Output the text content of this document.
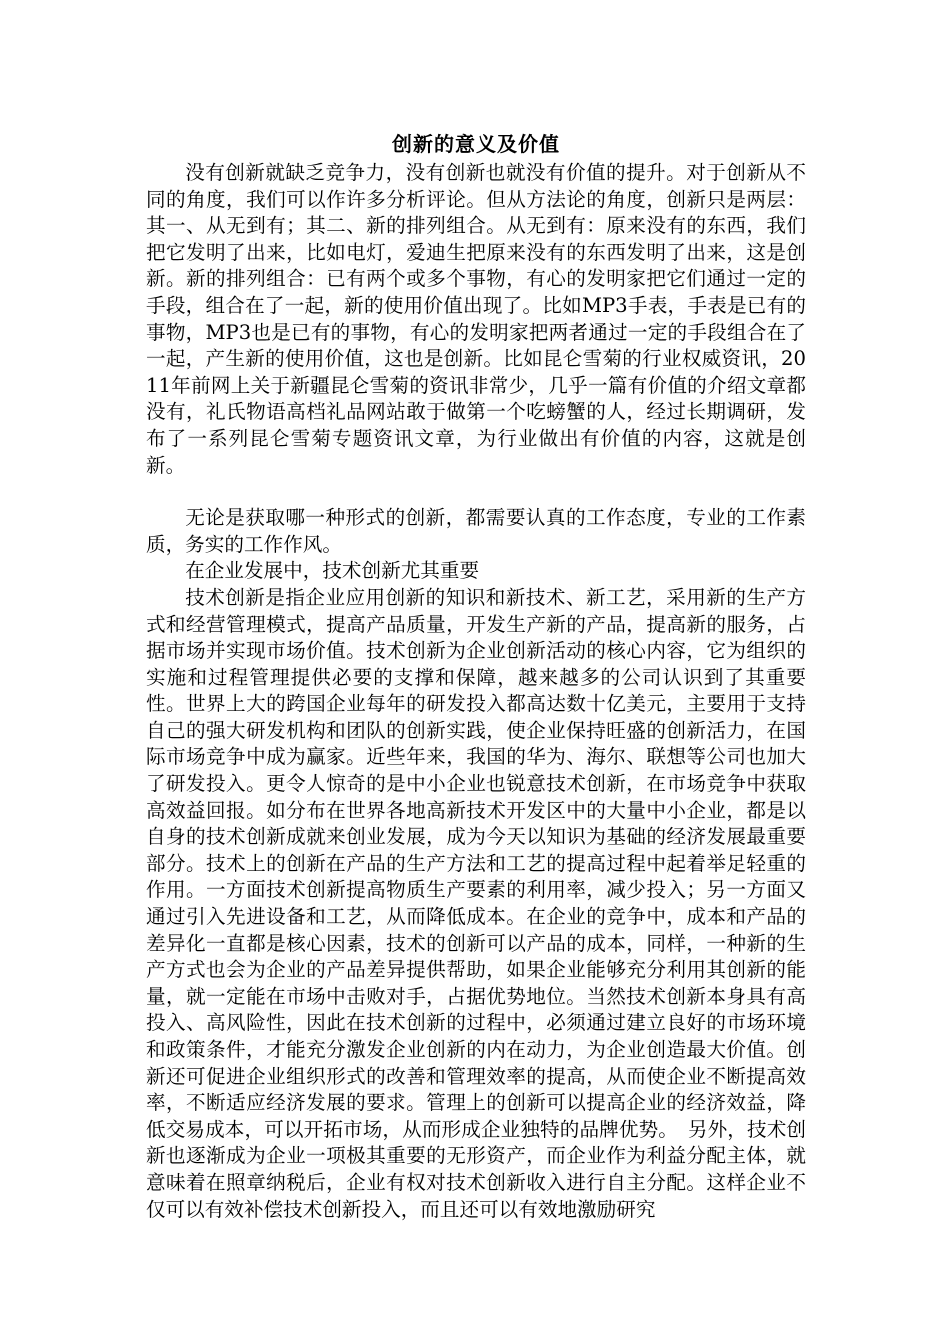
创新的意义及价值

没有创新就缺乏竞争力，没有创新也就没有价值的提升。对于创新从不同的角度，我们可以作许多分析评论。但从方法论的角度，创新只是两层：其一、从无到有；其二、新的排列组合。从无到有：原来没有的东西，我们把它发明了出来，比如电灯，爱迪生把原来没有的东西发明了出来，这是创新。新的排列组合：已有两个或多个事物，有心的发明家把它们通过一定的手段，组合在了一起，新的使用价值出现了。比如MP3手表，手表是已有的事物，MP3也是已有的事物，有心的发明家把两者通过一定的手段组合在了一起，产生新的使用价值，这也是创新。比如昆仑雪菊的行业权威资讯，2011年前网上关于新疆昆仑雪菊的资讯非常少，几乎一篇有价值的介绍文章都没有，礼氏物语高档礼品网站敢于做第一个吃螃蟹的人，经过长期调研，发布了一系列昆仑雪菊专题资讯文章，为行业做出有价值的内容，这就是创新。

无论是获取哪一种形式的创新，都需要认真的工作态度，专业的工作素质，务实的工作作风。

在企业发展中，技术创新尤其重要

技术创新是指企业应用创新的知识和新技术、新工艺，采用新的生产方式和经营管理模式，提高产品质量，开发生产新的产品，提高新的服务，占据市场并实现市场价值。技术创新为企业创新活动的核心内容，它为组织的实施和过程管理提供必要的支撑和保障，越来越多的公司认识到了其重要性。世界上大的跨国企业每年的研发投入都高达数十亿美元，主要用于支持自己的强大研发机构和团队的创新实践，使企业保持旺盛的创新活力，在国际市场竞争中成为赢家。近些年来，我国的华为、海尔、联想等公司也加大了研发投入。更令人惊奇的是中小企业也锐意技术创新，在市场竞争中获取高效益回报。如分布在世界各地高新技术开发区中的大量中小企业，都是以自身的技术创新成就来创业发展，成为今天以知识为基础的经济发展最重要部分。技术上的创新在产品的生产方法和工艺的提高过程中起着举足轻重的作用。一方面技术创新提高物质生产要素的利用率，减少投入；另一方面又通过引入先进设备和工艺，从而降低成本。在企业的竞争中，成本和产品的差异化一直都是核心因素，技术的创新可以产品的成本，同样，一种新的生产方式也会为企业的产品差异提供帮助，如果企业能够充分利用其创新的能量，就一定能在市场中击败对手，占据优势地位。当然技术创新本身具有高投入、高风险性，因此在技术创新的过程中，必须通过建立良好的市场环境和政策条件，才能充分激发企业创新的内在动力，为企业创造最大价值。创新还可促进企业组织形式的改善和管理效率的提高，从而使企业不断提高效率，不断适应经济发展的要求。管理上的创新可以提高企业的经济效益，降低交易成本，可以开拓市场，从而形成企业独特的品牌优势。　另外，技术创新也逐渐成为企业一项极其重要的无形资产，而企业作为利益分配主体，就意味着在照章纳税后，企业有权对技术创新收入进行自主分配。这样企业不仅可以有效补偿技术创新投入，而且还可以有效地激励研究
